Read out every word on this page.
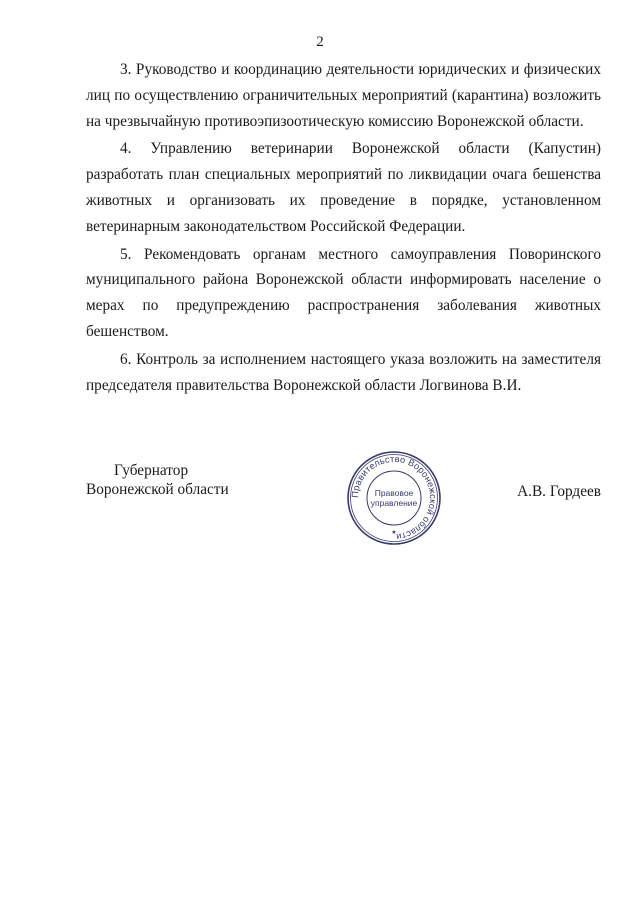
2

3. Руководство и координацию деятельности юридических и физических лиц по осуществлению ограничительных мероприятий (карантина) возложить на чрезвычайную противоэпизоотическую комиссию Воронежской области.

4. Управлению ветеринарии Воронежской области (Капустин) разработать план специальных мероприятий по ликвидации очага бешенства животных и организовать их проведение в порядке, установленном ветеринарным законодательством Российской Федерации.

5. Рекомендовать органам местного самоуправления Поворинского муниципального района Воронежской области информировать население о мерах по предупреждению распространения заболевания животных бешенством.

6. Контроль за исполнением настоящего указа возложить на заместителя председателя правительства Воронежской области Логвинова В.И.

Губернатор
Воронежской области	А.В. Гордеев
Правительство Воронежской области
Правовое
управление
★
